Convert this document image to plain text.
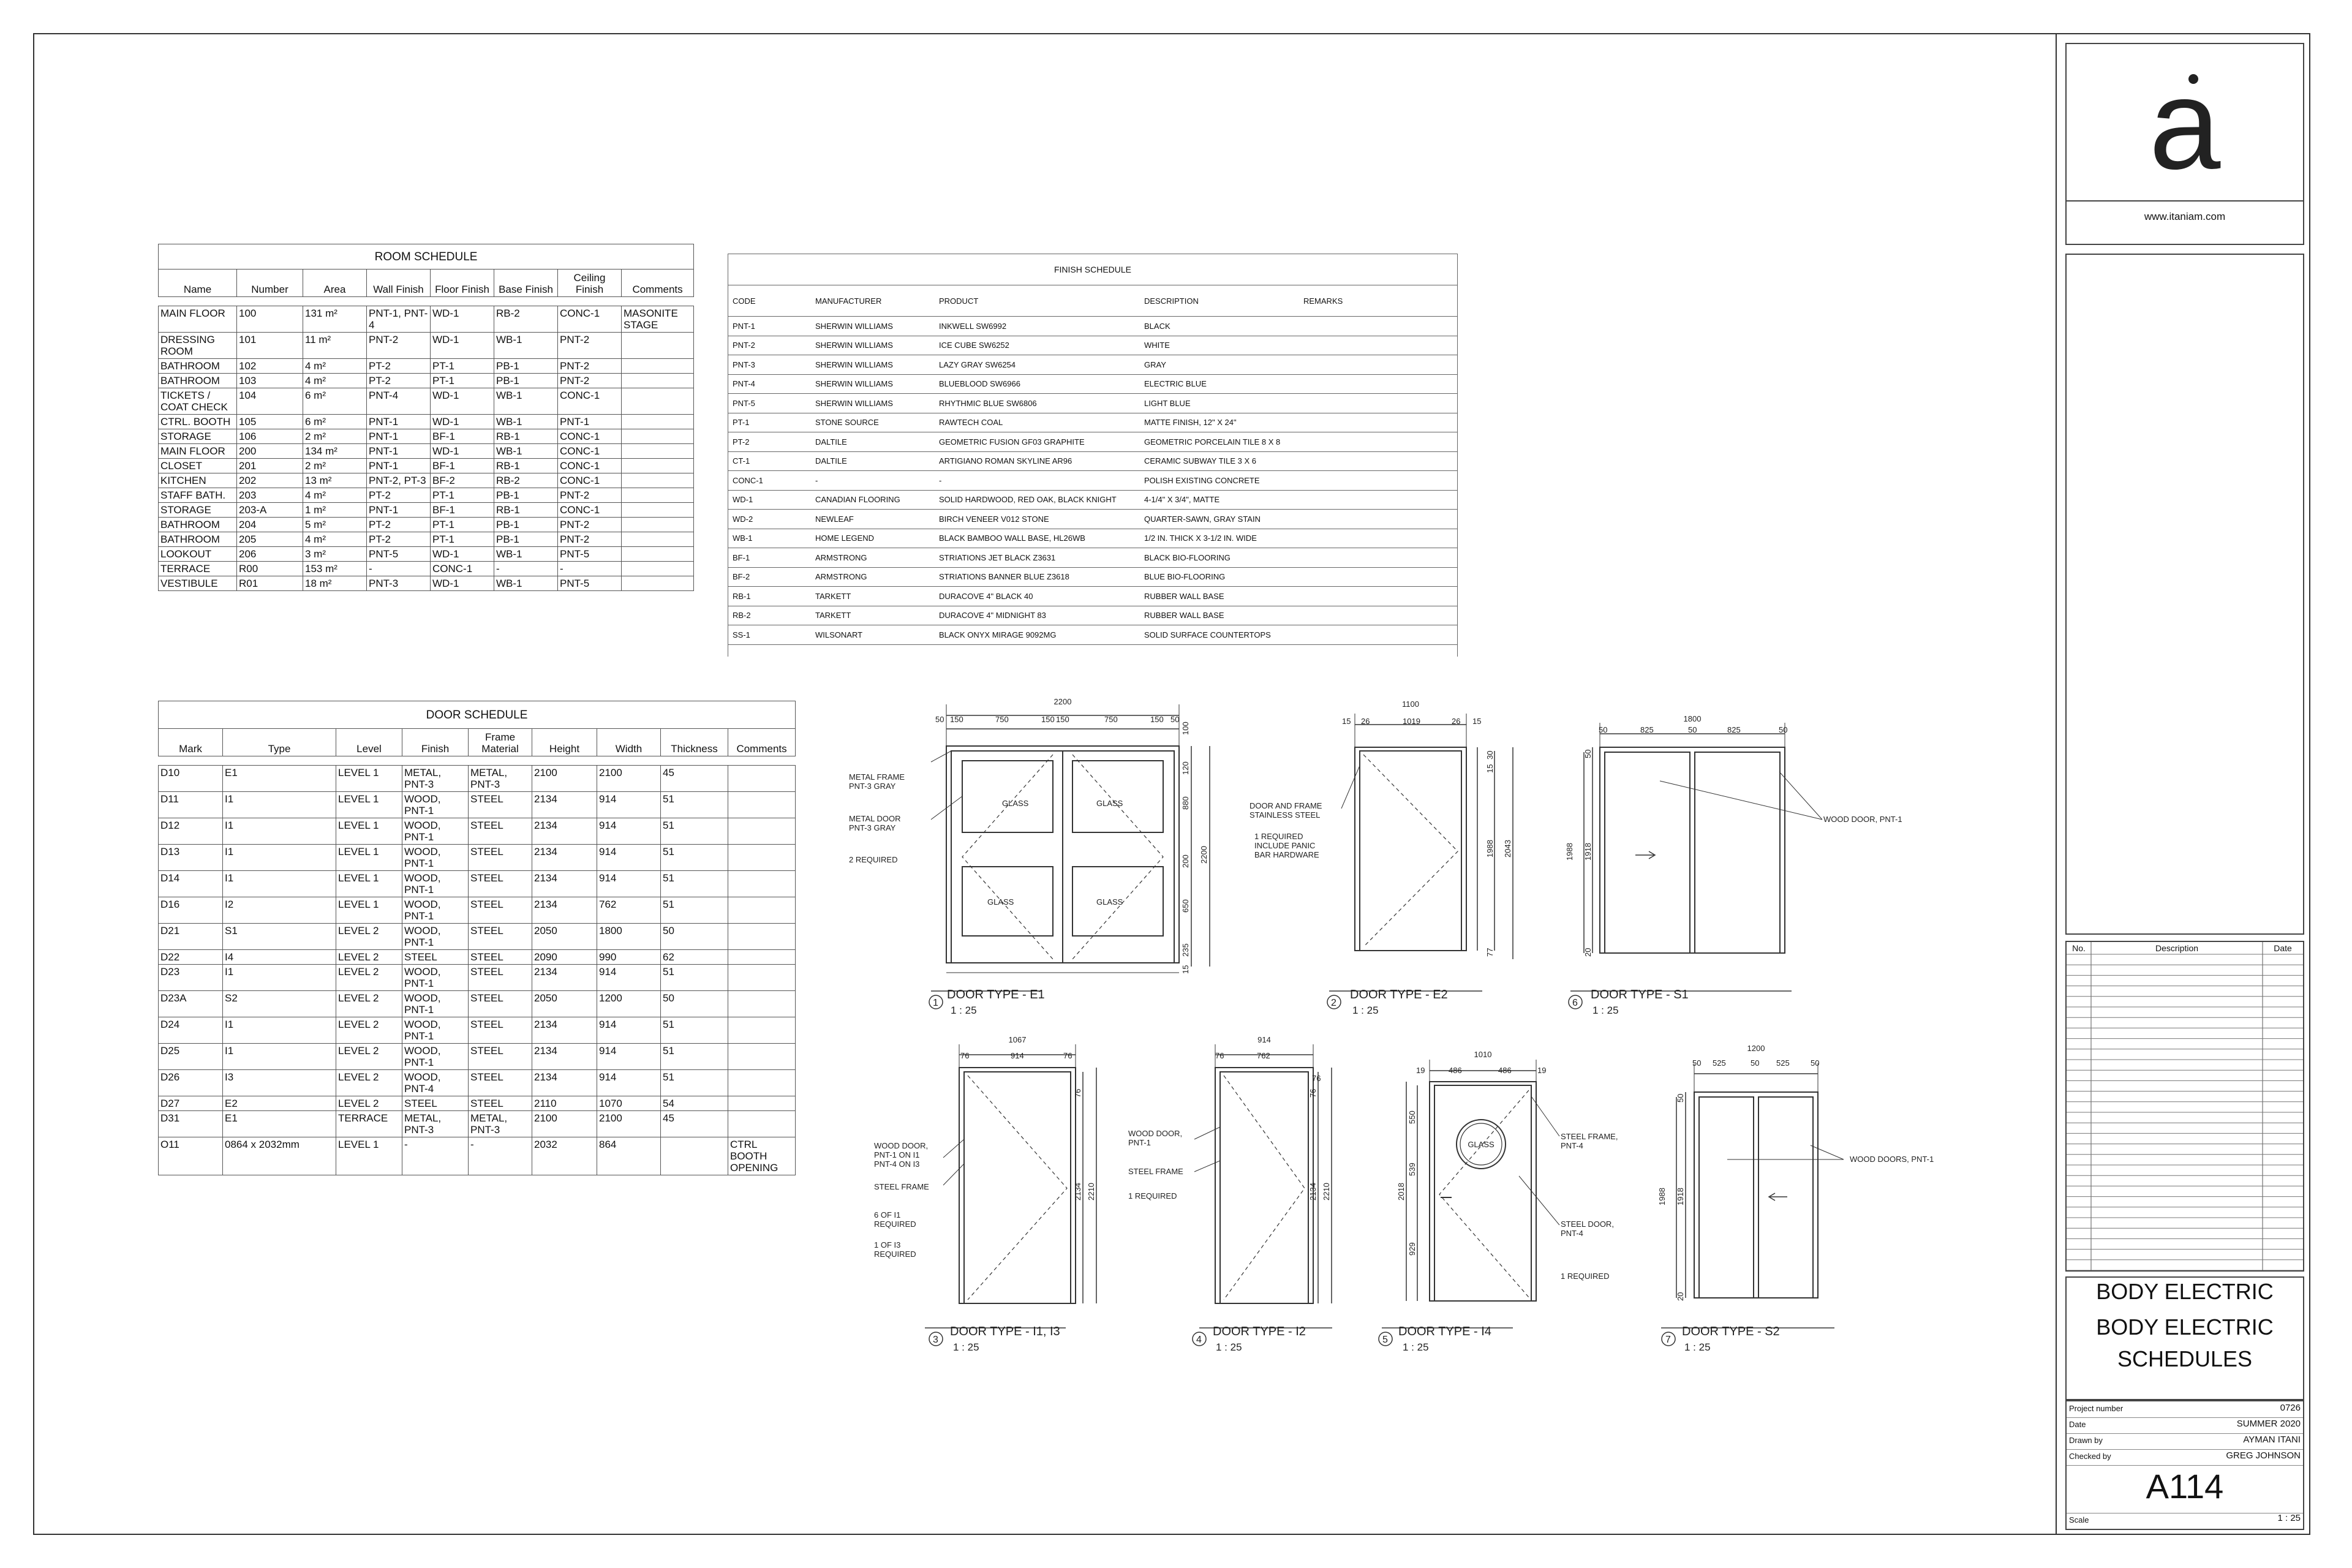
ROOM SCHEDULE							
Name	Number	Area	Wall Finish	Floor Finish	Base Finish	Ceiling Finish	Comments

MAIN FLOOR	100	131 m²	PNT-1, PNT-4	WD-1	RB-2	CONC-1	MASONITE STAGE
DRESSING ROOM	101	11 m²	PNT-2	WD-1	WB-1	PNT-2	
BATHROOM	102	4 m²	PT-2	PT-1	PB-1	PNT-2	
BATHROOM	103	4 m²	PT-2	PT-1	PB-1	PNT-2	
TICKETS / COAT CHECK	104	6 m²	PNT-4	WD-1	WB-1	CONC-1	
CTRL. BOOTH	105	6 m²	PNT-1	WD-1	WB-1	PNT-1	
STORAGE	106	2 m²	PNT-1	BF-1	RB-1	CONC-1	
MAIN FLOOR	200	134 m²	PNT-1	WD-1	WB-1	CONC-1	
CLOSET	201	2 m²	PNT-1	BF-1	RB-1	CONC-1	
KITCHEN	202	13 m²	PNT-2, PT-3	BF-2	RB-2	CONC-1	
STAFF BATH.	203	4 m²	PT-2	PT-1	PB-1	PNT-2	
STORAGE	203-A	1 m²	PNT-1	BF-1	RB-1	CONC-1	
BATHROOM	204	5 m²	PT-2	PT-1	PB-1	PNT-2	
BATHROOM	205	4 m²	PT-2	PT-1	PB-1	PNT-2	
LOOKOUT	206	3 m²	PNT-5	WD-1	WB-1	PNT-5	
TERRACE	R00	153 m²	-	CONC-1	-	-	
VESTIBULE	R01	18 m²	PNT-3	WD-1	WB-1	PNT-5	
FINISH SCHEDULE				
CODE	MANUFACTURER	PRODUCT	DESCRIPTION	REMARKS
PNT-1	SHERWIN WILLIAMS	INKWELL SW6992	BLACK	
PNT-2	SHERWIN WILLIAMS	ICE CUBE SW6252	WHITE	
PNT-3	SHERWIN WILLIAMS	LAZY GRAY SW6254	GRAY	
PNT-4	SHERWIN WILLIAMS	BLUEBLOOD SW6966	ELECTRIC BLUE	
PNT-5	SHERWIN WILLIAMS	RHYTHMIC BLUE SW6806	LIGHT BLUE	
PT-1	STONE SOURCE	RAWTECH COAL	MATTE FINISH, 12" X 24"	
PT-2	DALTILE	GEOMETRIC FUSION GF03 GRAPHITE	GEOMETRIC PORCELAIN TILE 8 X 8	
CT-1	DALTILE	ARTIGIANO ROMAN SKYLINE AR96	CERAMIC SUBWAY TILE 3 X 6	
CONC-1	-	-	POLISH EXISTING CONCRETE	
WD-1	CANADIAN FLOORING	SOLID HARDWOOD, RED OAK, BLACK KNIGHT	4-1/4" X 3/4", MATTE	
WD-2	NEWLEAF	BIRCH VENEER V012 STONE	QUARTER-SAWN, GRAY STAIN	
WB-1	HOME LEGEND	BLACK BAMBOO WALL BASE, HL26WB	1/2 IN. THICK X 3-1/2 IN. WIDE	
BF-1	ARMSTRONG	STRIATIONS JET BLACK Z3631	BLACK BIO-FLOORING	
BF-2	ARMSTRONG	STRIATIONS BANNER BLUE Z3618	BLUE BIO-FLOORING	
RB-1	TARKETT	DURACOVE 4" BLACK 40	RUBBER WALL BASE	
RB-2	TARKETT	DURACOVE 4" MIDNIGHT 83	RUBBER WALL BASE	
SS-1	WILSONART	BLACK ONYX MIRAGE 9092MG	SOLID SURFACE COUNTERTOPS	
DOOR SCHEDULE								
Mark	Type	Level	Finish	Frame Material	Height	Width	Thickness	Comments

D10	E1	LEVEL 1	METAL, PNT-3	METAL, PNT-3	2100	2100	45	
D11	I1	LEVEL 1	WOOD, PNT-1	STEEL	2134	914	51	
D12	I1	LEVEL 1	WOOD, PNT-1	STEEL	2134	914	51	
D13	I1	LEVEL 1	WOOD, PNT-1	STEEL	2134	914	51	
D14	I1	LEVEL 1	WOOD, PNT-1	STEEL	2134	914	51	
D16	I2	LEVEL 1	WOOD, PNT-1	STEEL	2134	762	51	
D21	S1	LEVEL 2	WOOD, PNT-1	STEEL	2050	1800	50	
D22	I4	LEVEL 2	STEEL	STEEL	2090	990	62	
D23	I1	LEVEL 2	WOOD, PNT-1	STEEL	2134	914	51	
D23A	S2	LEVEL 2	WOOD, PNT-1	STEEL	2050	1200	50	
D24	I1	LEVEL 2	WOOD, PNT-1	STEEL	2134	914	51	
D25	I1	LEVEL 2	WOOD, PNT-1	STEEL	2134	914	51	
D26	I3	LEVEL 2	WOOD, PNT-4	STEEL	2134	914	51	
D27	E2	LEVEL 2	STEEL	STEEL	2110	1070	54	
D31	E1	TERRACE	METAL, PNT-3	METAL, PNT-3	2100	2100	45	
O11	0864 x 2032mm	LEVEL 1	-	-	2032	864		CTRL BOOTH OPENING
2200
50 150	750	150 150	750	150 50
100
120
880
200
650
235
15
2200
GLASS	GLASS
GLASS	GLASS
METAL FRAME
PNT-3 GRAY
METAL DOOR
PNT-3 GRAY
2 REQUIRED
1
DOOR TYPE - E1
1 : 25
1100
15 26	1019	26 15
30
15
1988 2043
77
DOOR AND FRAME
STAINLESS STEEL
1 REQUIRED
INCLUDE PANIC
BAR HARDWARE
2
DOOR TYPE - E2
1 : 25
1800
50	825	50	825	50
50
1988 1918
20
WOOD DOOR, PNT-1
6
DOOR TYPE - S1
1 : 25
1067
76	914	76
76
2134 2210
WOOD DOOR,
PNT-1 ON I1
PNT-4 ON I3
STEEL FRAME
6 OF I1
REQUIRED
1 OF I3
REQUIRED
3
DOOR TYPE - I1, I3
1 : 25
914
76	762
76
76
2134 2210
WOOD DOOR,
PNT-1
STEEL FRAME
1 REQUIRED
4
DOOR TYPE - I2
1 : 25
1010
19	486	486	19
550
539
929
2018
GLASS
STEEL FRAME,
PNT-4
STEEL DOOR,
PNT-4
1 REQUIRED
5
DOOR TYPE - I4
1 : 25
1200
50 525	50 525	50
50
1988 1918
20
WOOD DOORS, PNT-1
7
DOOR TYPE - S2
1 : 25
a
www.itaniam.com
No.	Description	Date
BODY ELECTRIC
BODY ELECTRIC
SCHEDULES
Project number	0726
Date	SUMMER 2020
Drawn by	AYMAN ITANI
Checked by	GREG JOHNSON
A114
Scale	1 : 25
